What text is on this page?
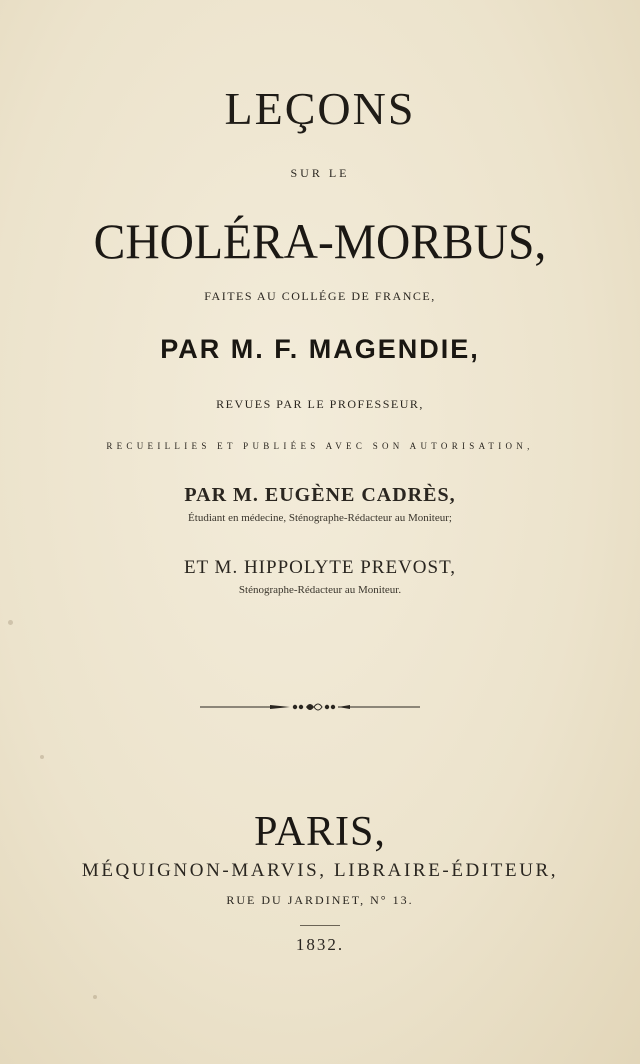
LEÇONS
SUR LE
CHOLÉRA-MORBUS,
FAITES AU COLLÉGE DE FRANCE,
PAR M. F. MAGENDIE,
REVUES PAR LE PROFESSEUR,
RECUEILLIES ET PUBLIÉES AVEC SON AUTORISATION,
PAR M. EUGÈNE CADRÈS,
Étudiant en médecine, Sténographe-Rédacteur au Moniteur;
ET M. HIPPOLYTE PREVOST,
Sténographe-Rédacteur au Moniteur.
PARIS,
MÉQUIGNON-MARVIS, LIBRAIRE-ÉDITEUR,
RUE DU JARDINET, N° 13.
1832.
